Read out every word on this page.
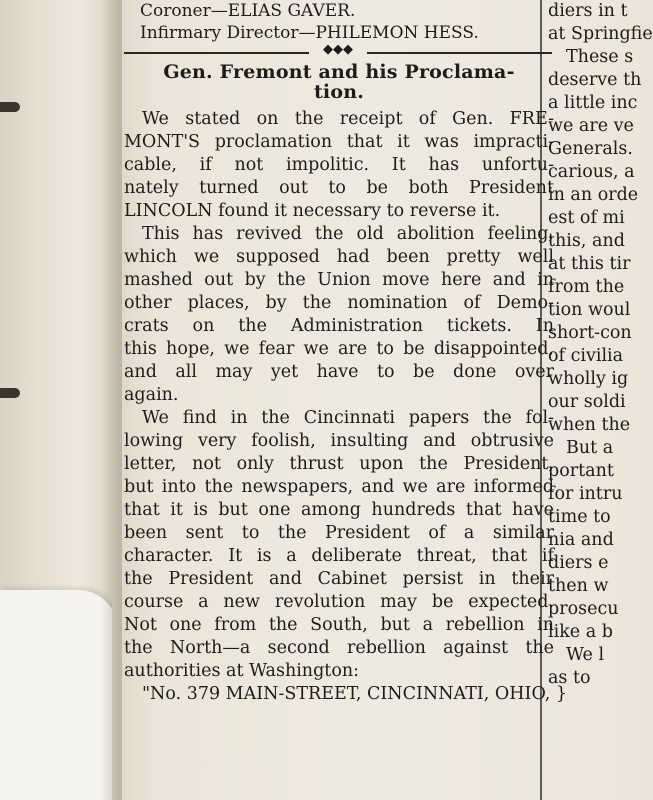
Coroner—ELIAS GAVER.

Infirmary Director—PHILEMON HESS.

◆◆◆
Gen. Fremont and his Proclama-
tion.

We stated on the receipt of Gen. FRE-

MONT'S proclamation that it was impracti-

cable, if not impolitic. It has unfortu-

nately turned out to be both President

LINCOLN found it necessary to reverse it.

This has revived the old abolition feeling,

which we supposed had been pretty well

mashed out by the Union move here and in

other places, by the nomination of Demo-

crats on the Administration tickets. In

this hope, we fear we are to be disappointed,

and all may yet have to be done over

again.

We find in the Cincinnati papers the fol-

lowing very foolish, insulting and obtrusive

letter, not only thrust upon the President,

but into the newspapers, and we are informed

that it is but one among hundreds that have

been sent to the President of a similar

character. It is a deliberate threat, that if

the President and Cabinet persist in their

course a new revolution may be expected.

Not one from the South, but a rebellion in

the North—a second rebellion against the

authorities at Washington:

"No. 379 MAIN-STREET, CINCINNATI, OHIO, }

diers in t

at Springfie

These s

deserve th

a little inc

we are ve

Generals.

carious, a

in an orde

est of mi

this, and

at this tir

from the

tion woul

short-con

of civilia

wholly ig

our soldi

when the

But a

portant

for intru

time to

nia and

diers e

then w

prosecu

like a b

We l

as to
